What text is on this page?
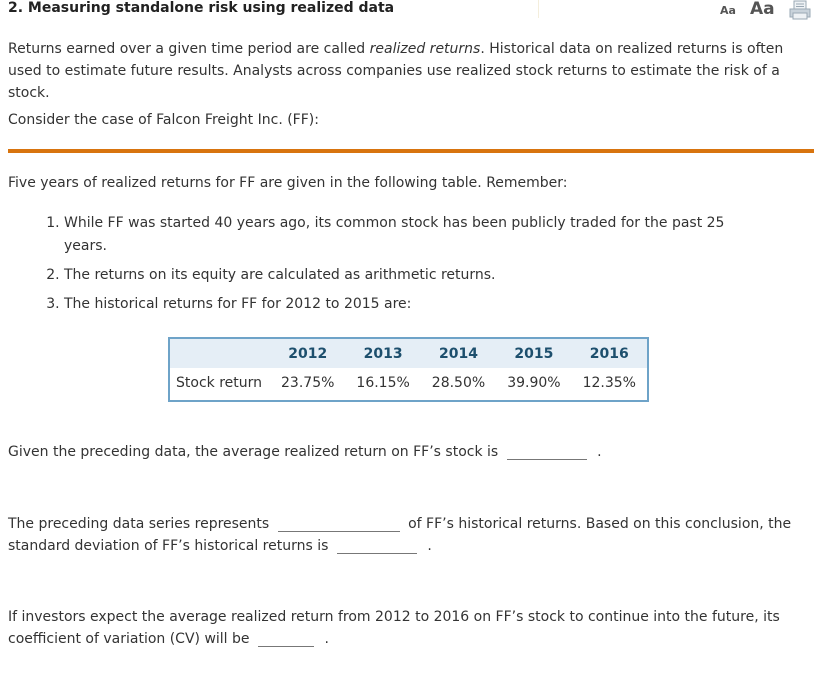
2. Measuring standalone risk using realized data	Aa Aa
Returns earned over a given time period are called realized returns. Historical data on realized returns is often used to estimate future results. Analysts across companies use realized stock returns to estimate the risk of a stock.
Consider the case of Falcon Freight Inc. (FF):
Five years of realized returns for FF are given in the following table. Remember:
1. While FF was started 40 years ago, its common stock has been publicly traded for the past 25 years.
2. The returns on its equity are calculated as arithmetic returns.
3. The historical returns for FF for 2012 to 2015 are:
	2012	2013	2014	2015	2016
Stock return	23.75%	16.15%	28.50%	39.90%	12.35%
Given the preceding data, the average realized return on FF’s stock is	.
The preceding data series represents	of FF’s historical returns. Based on this conclusion, the standard deviation of FF’s historical returns is	.
If investors expect the average realized return from 2012 to 2016 on FF’s stock to continue into the future, its coefficient of variation (CV) will be	.
